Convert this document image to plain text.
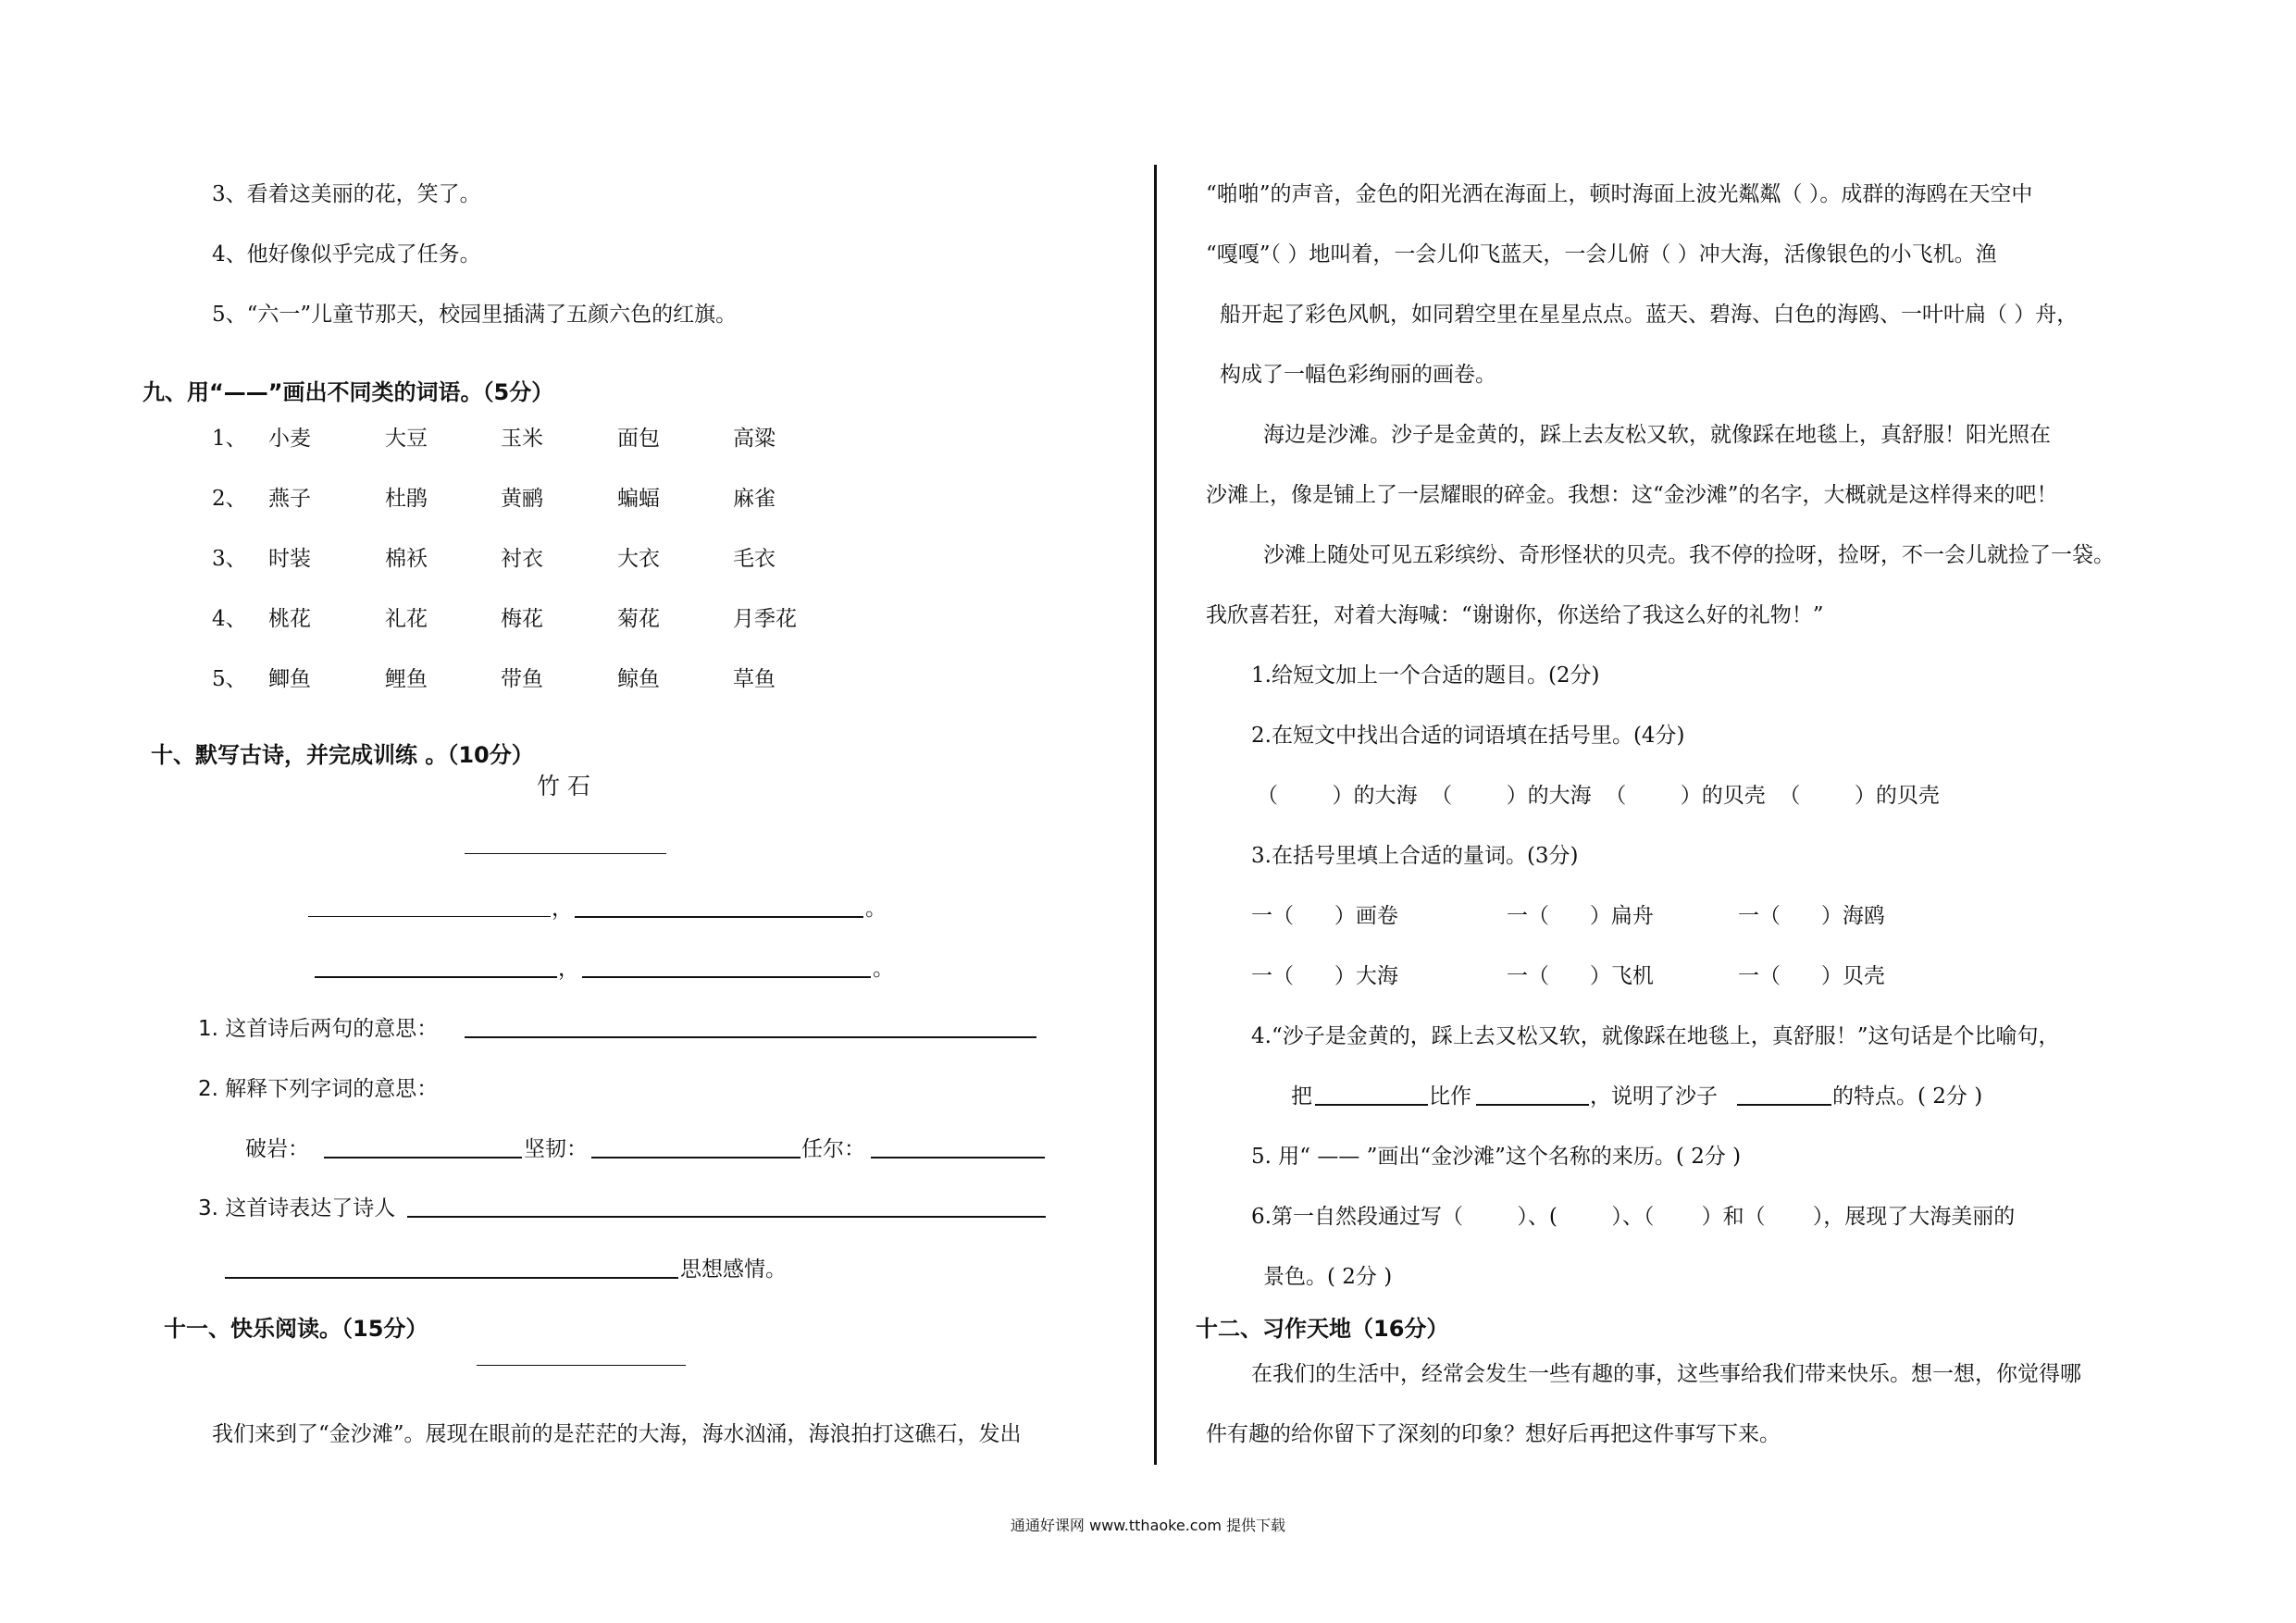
3、看着这美丽的花，笑了。
4、他好像似乎完成了任务。
5、“六一”儿童节那天，校园里插满了五颜六色的红旗。
九、用“——”画出不同类的词语。（5分）
1、 小麦	大豆	玉米	面包	高粱
2、 燕子	杜鹃	黄鹂	蝙蝠	麻雀
3、 时装	棉袄	衬衣	大衣	毛衣
4、 桃花	礼花	梅花	菊花	月季花
5、 鲫鱼	鲤鱼	带鱼	鲸鱼	草鱼
十、默写古诗，并完成训练 。（10分）
竹 石
，	。
，	。
1. 这首诗后两句的意思：
2. 解释下列字词的意思：
破岩：	坚韧：	任尔：
3. 这首诗表达了诗人
思想感情。
十一、快乐阅读。（15分）
我们来到了“金沙滩”。展现在眼前的是茫茫的大海，海水汹涌，海浪拍打这礁石，发出
“啪啪”的声音，金色的阳光洒在海面上，顿时海面上波光粼粼（ ）。成群的海鸥在天空中
“嘎嘎”（ ）地叫着，一会儿仰飞蓝天，一会儿俯（ ）冲大海，活像银色的小飞机。渔
船开起了彩色风帆，如同碧空里在星星点点。蓝天、碧海、白色的海鸥、一叶叶扁（ ）舟，
构成了一幅色彩绚丽的画卷。
海边是沙滩。沙子是金黄的，踩上去友松又软，就像踩在地毯上，真舒服！阳光照在
沙滩上，像是铺上了一层耀眼的碎金。我想：这“金沙滩”的名字，大概就是这样得来的吧！
沙滩上随处可见五彩缤纷、奇形怪状的贝壳。我不停的捡呀，捡呀，不一会儿就捡了一袋。
我欣喜若狂，对着大海喊：“谢谢你，你送给了我这么好的礼物！”
1.给短文加上一个合适的题目。(2分)
2.在短文中找出合适的词语填在括号里。(4分)
（        ）的大海  （        ）的大海  （        ）的贝壳  （        ）的贝壳
3.在括号里填上合适的量词。(3分)
一（      ）画卷	一（      ）扁舟	一（      ）海鸥
一（      ）大海	一（      ）飞机	一（      ）贝壳
4.“沙子是金黄的，踩上去又松又软，就像踩在地毯上，真舒服！”这句话是个比喻句，
把	比作	，说明了沙子	的特点。( 2分 )
5. 用“ —— ”画出“金沙滩”这个名称的来历。( 2分 )
6.第一自然段通过写（        ）、(        ）、（       ）和（       ），展现了大海美丽的
景色。( 2分 )
十二、习作天地（16分）
在我们的生活中，经常会发生一些有趣的事，这些事给我们带来快乐。想一想，你觉得哪
件有趣的给你留下了深刻的印象？想好后再把这件事写下来。
通通好课网 www.tthaoke.com 提供下载
